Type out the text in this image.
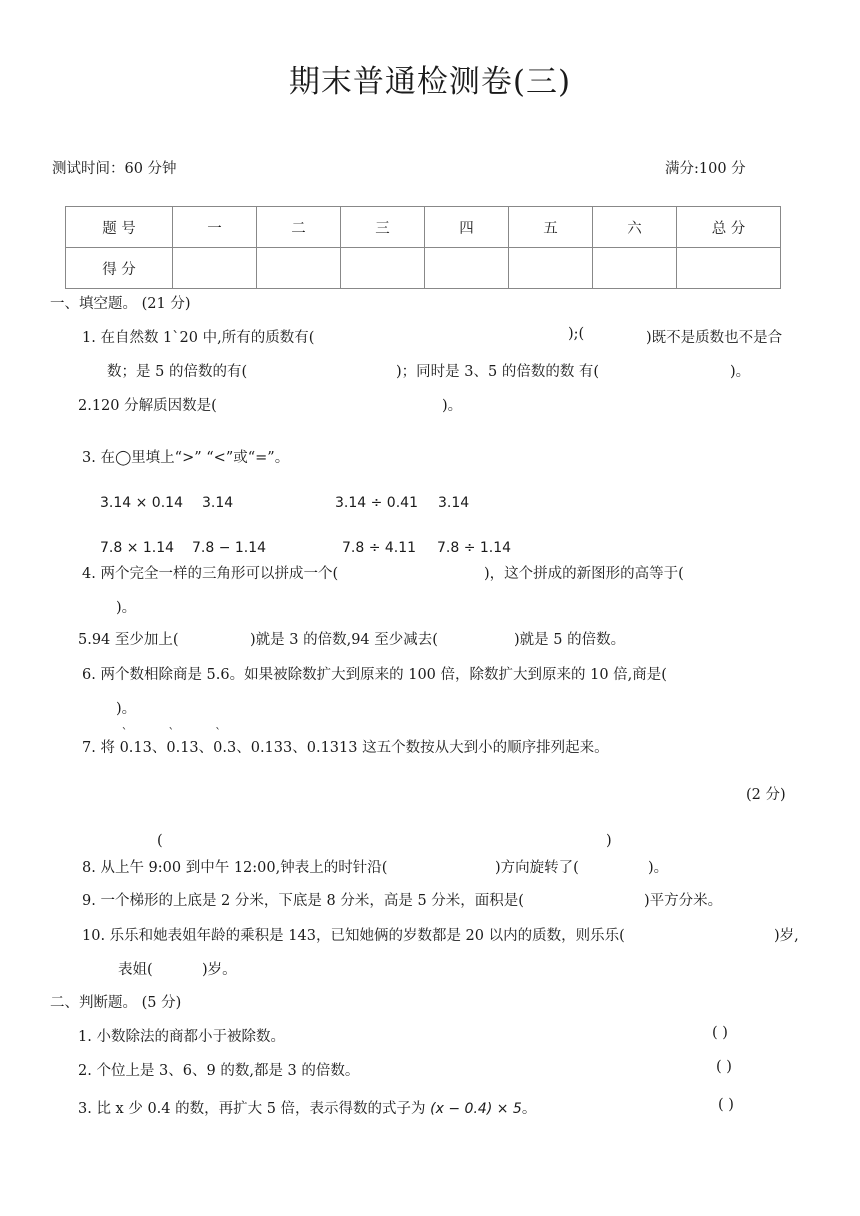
期末普通检测卷(三)
测试时间：60 分钟	满分:100 分
题 号	一	二	三	四	五	六	总 分
得 分							
一、填空题。 (21 分)
1. 在自然数 1`20 中,所有的质数有(	);(	)既不是质数也不是合
数；是 5 的倍数的有(	)；同时是 3、5 的倍数的数 有(	)。
2.120 分解质因数是(	)。
3. 在◯里填上“>” “<”或“=”。
3.14 × 0.14 3.14	3.14 ÷ 0.41 3.14
7.8 × 1.14 7.8 − 1.14	7.8 ÷ 4.11 7.8 ÷ 1.14
4. 两个完全一样的三角形可以拼成一个(	)，这个拼成的新图形的高等于(
)。
5.94 至少加上(	)就是 3 的倍数,94 至少减去(	)就是 5 的倍数。
6. 两个数相除商是 5.6。如果被除数扩大到原来的 100 倍，除数扩大到原来的 10 倍,商是(
)。
7. 将 ` 0.13、` 0.13、` 0.3、0.133、0.1313 这五个数按从大到小的顺序排列起来。
(2 分)
(	)
8. 从上午 9:00 到中午 12:00,钟表上的时针沿(	)方向旋转了(	)。
9. 一个梯形的上底是 2 分米，下底是 8 分米，高是 5 分米，面积是(	)平方分米。
10. 乐乐和她表姐年龄的乘积是 143，已知她俩的岁数都是 20 以内的质数，则乐乐(	)岁,
表姐(	)岁。
二、判断题。 (5 分)
1. 小数除法的商都小于被除数。	( )
2. 个位上是 3、6、9 的数,都是 3 的倍数。	( )
3. 比 x 少 0.4 的数，再扩大 5 倍，表示得数的式子为 (x − 0.4) × 5。	( )
